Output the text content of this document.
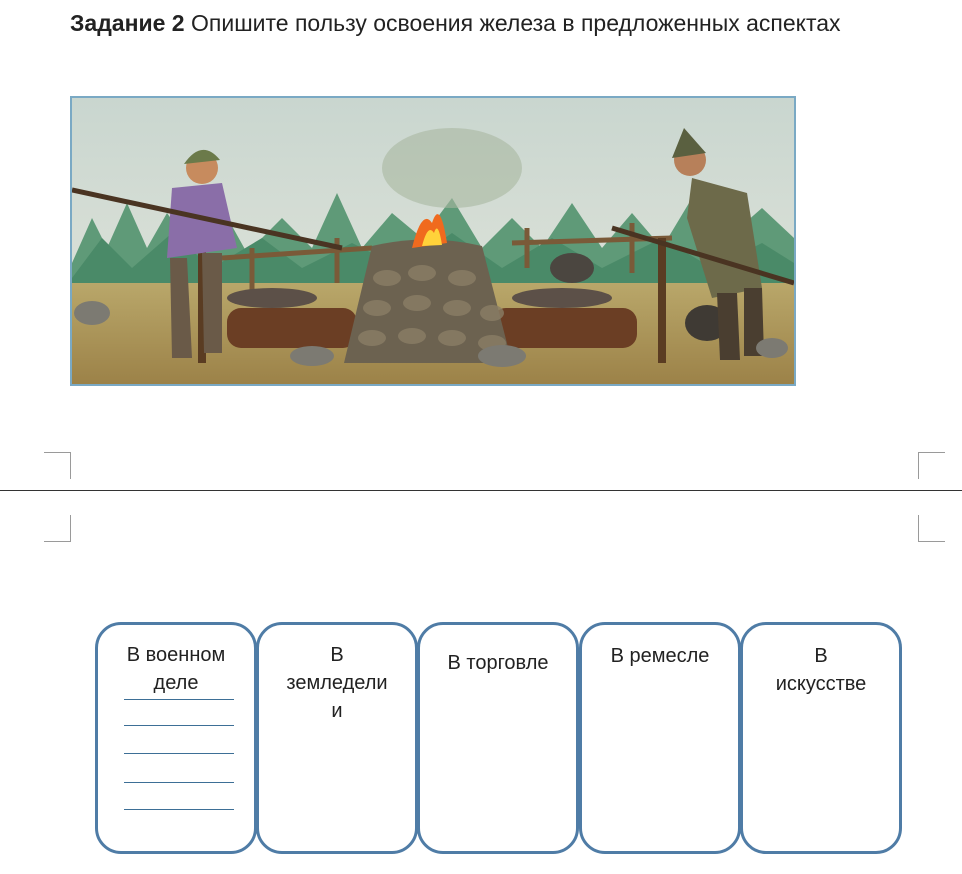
Задание 2 Опишите пользу освоения железа в предложенных аспектах
В военном
деле
В
земледели
и
В торговле	В ремесле	В
искусстве
